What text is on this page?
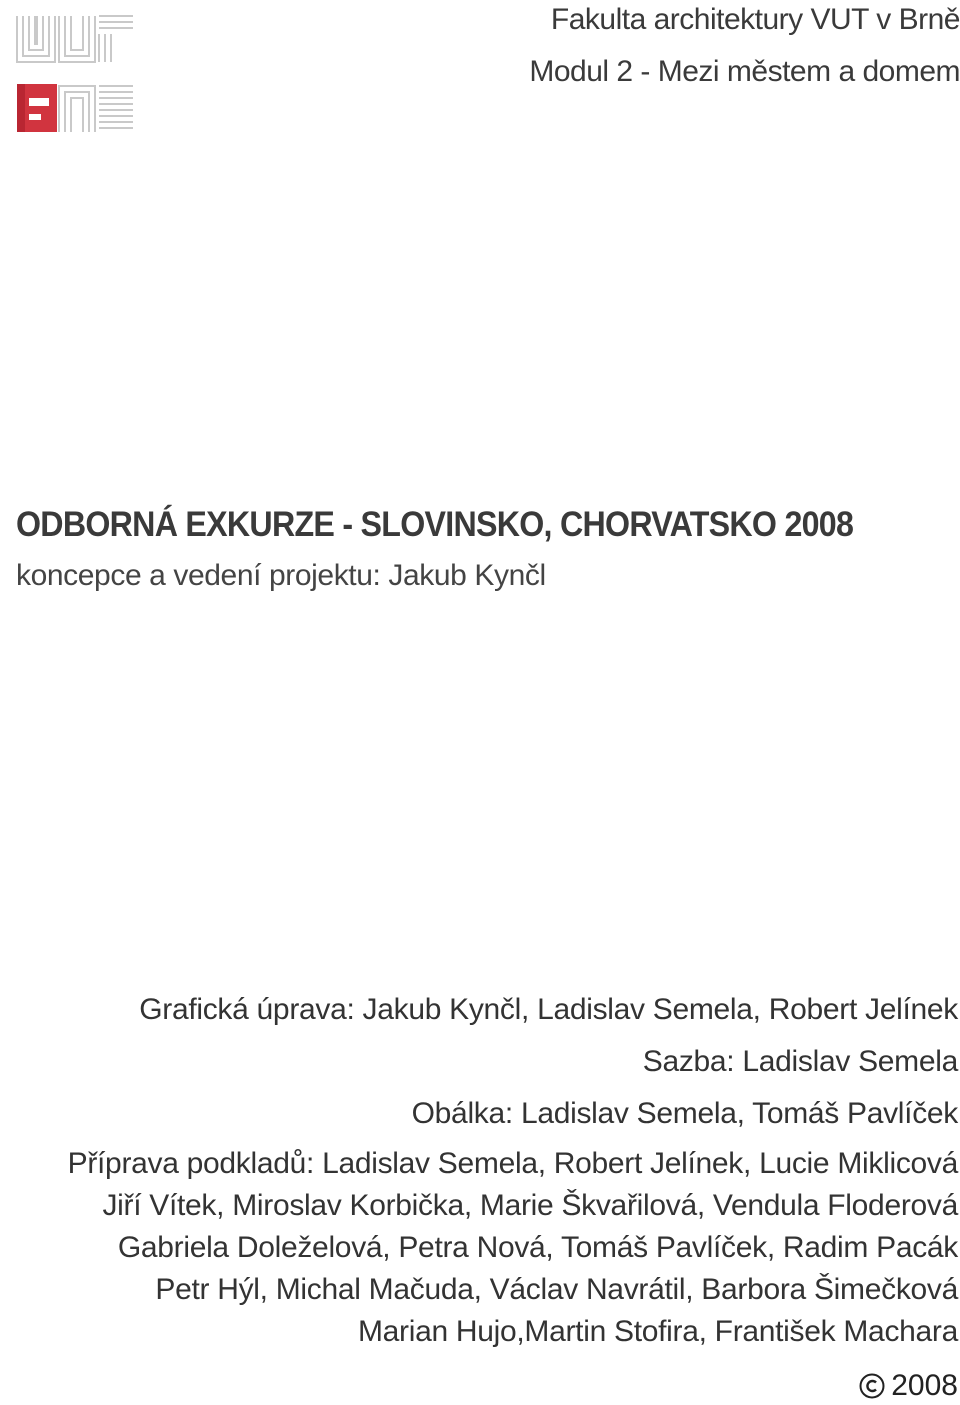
Fakulta architektury VUT v Brně
Modul 2 - Mezi městem a domem
ODBORNÁ EXKURZE - SLOVINSKO, CHORVATSKO 2008
koncepce a vedení projektu: Jakub Kynčl
Grafická úprava: Jakub Kynčl, Ladislav Semela, Robert Jelínek
Sazba: Ladislav Semela
Obálka: Ladislav Semela, Tomáš Pavlíček
Příprava podkladů: Ladislav Semela, Robert Jelínek, Lucie Miklicová
Jiří Vítek, Miroslav Korbička, Marie Škvařilová, Vendula Floderová
Gabriela Doleželová, Petra Nová, Tomáš Pavlíček, Radim Pacák
Petr Hýl, Michal Mačuda, Václav Navrátil, Barbora Šimečková
Marian Hujo,Martin Stofira, František Machara
2008
